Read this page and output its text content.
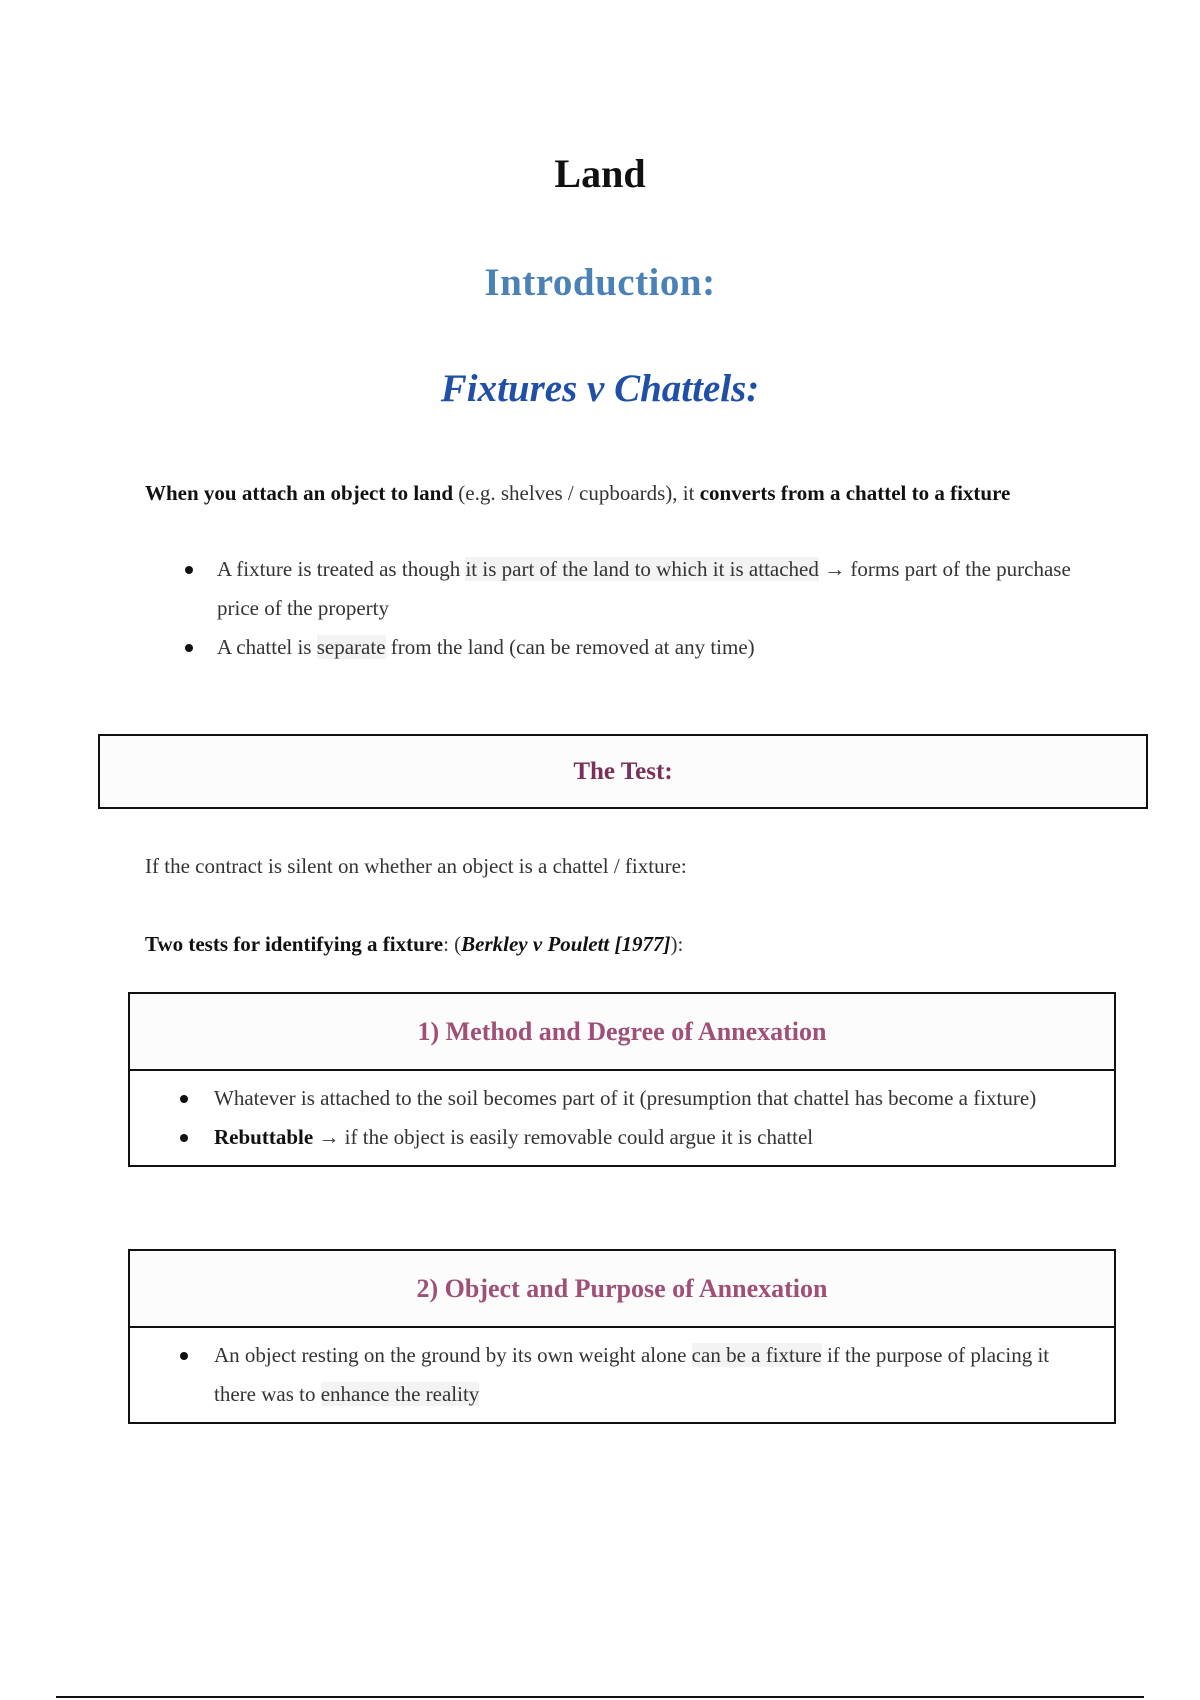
Land
Introduction:
Fixtures v Chattels:
When you attach an object to land (e.g. shelves / cupboards), it converts from a chattel to a fixture
A fixture is treated as though it is part of the land to which it is attached → forms part of the purchase price of the property
A chattel is separate from the land (can be removed at any time)
The Test:
If the contract is silent on whether an object is a chattel / fixture:
Two tests for identifying a fixture: (Berkley v Poulett [1977]):
1) Method and Degree of Annexation
Whatever is attached to the soil becomes part of it (presumption that chattel has become a fixture)
Rebuttable → if the object is easily removable could argue it is chattel
2) Object and Purpose of Annexation
An object resting on the ground by its own weight alone can be a fixture if the purpose of placing it there was to enhance the reality
